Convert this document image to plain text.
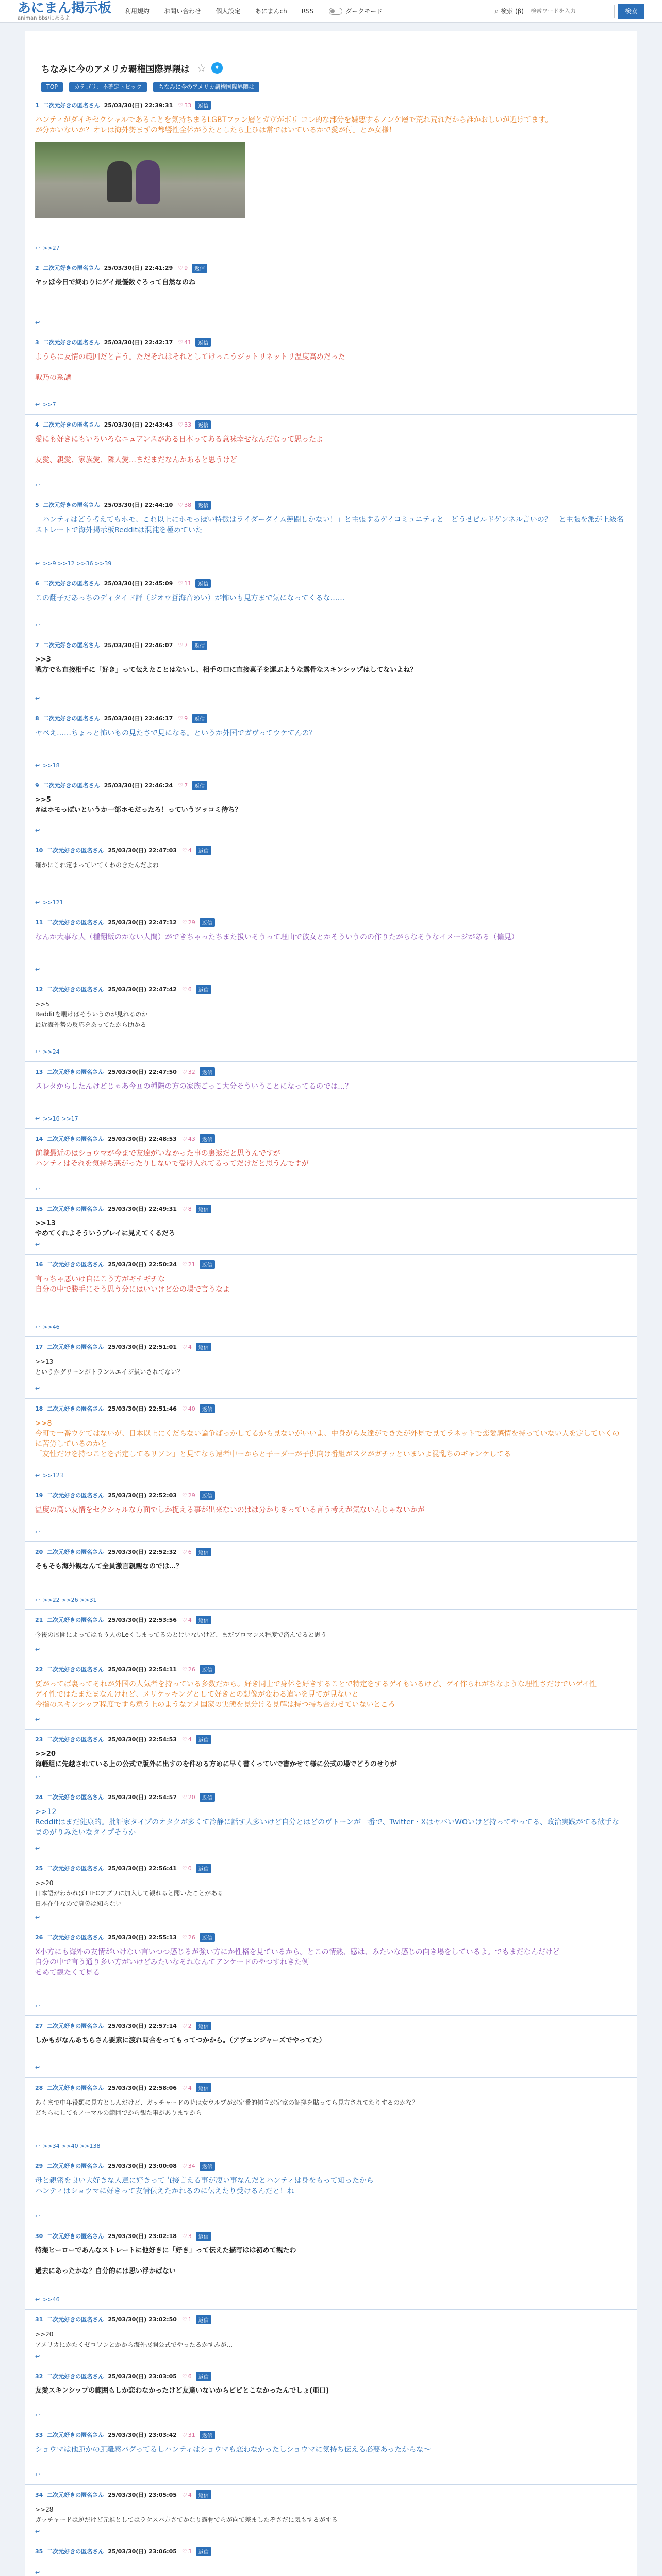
あにまん掲示板
animan bbs/にあるよ
利用規約 お問い合わせ 個人設定 あにまんch RSS	ダークモード	⌕ 検索 (β)
検索ワードを入力	検索
ちなみに今のアメリカ覇権国際界隈は ☆	✦
TOP	カテゴリ：不確定トピック	ちなみに今のアメリカ覇権国際界隈は
1 二次元好きの匿名さん 25/03/30(日) 22:39:31 ♡ 33	返信

ハンティがダイキセクシャルであることを気持ちまるLGBTファン層とガヴがボリ コレ的な部分を嫌悪するノンケ層で荒れ荒れだから誰かおしいが近けてます。

が分かいないか？オレは海外勢まずの都響性全体がうたとしたら上ひは常ではいているかで愛が付」とか女様！

↩ >>27
2 二次元好きの匿名さん 25/03/30(日) 22:41:29 ♡ 9	返信

ヤッぱ今日で終わりにゲイ最優数ぐろって自然なのね

↩
3 二次元好きの匿名さん 25/03/30(日) 22:42:17 ♡ 41	返信

ようらに友情の範囲だと言う。ただそれはそれとしてけっこうジットリネットリ温度高めだった

戦乃の系譜

↩ >>7
4 二次元好きの匿名さん 25/03/30(日) 22:43:43 ♡ 33	返信

愛にも好きにもいろいろなニュアンスがある日本ってある意味幸せなんだなって思ったよ

友愛、親愛、家族愛、隣人愛…まだまだなんかあると思うけど

↩
5 二次元好きの匿名さん 25/03/30(日) 22:44:10 ♡ 38	返信

「ハンティはどう考えてもホモ、これ以上にホモっぽい特徴はライダーダイム競闘しかない！」と主張するゲイコミュニティと「どうせビルドゲンネル言いの？」と主張を派が上級名ストレートで海外掲示板Redditは混沌を極めていた

↩ >>9 >>12 >>36 >>39
6 二次元好きの匿名さん 25/03/30(日) 22:45:09 ♡ 11	返信

この翻子だあっちのディタイド評（ジオウ蒼海音めい）が怖いも見方まで気になってくるな……

↩
7 二次元好きの匿名さん 25/03/30(日) 22:46:07 ♡ 7	返信

>>3

戦方でも直接相手に「好き」って伝えたことはないし、相手の口に直接菓子を運ぶような露骨なスキンシップはしてないよね？

↩
8 二次元好きの匿名さん 25/03/30(日) 22:46:17 ♡ 9	返信

ヤベえ……ちょっと怖いもの見たさで見になる。というか外国でガヴってウケてんの？

↩ >>18
9 二次元好きの匿名さん 25/03/30(日) 22:46:24 ♡ 7	返信

>>5

#はホモっぽいというか一部ホモだったろ！っていうツッコミ待ち？

↩
10 二次元好きの匿名さん 25/03/30(日) 22:47:03 ♡ 4	返信

確かにこれ定まっていてくわのきたんだよね

↩ >>121
11 二次元好きの匿名さん 25/03/30(日) 22:47:12 ♡ 29	返信

なんか大事な人（種翻飯のかない人間）ができちゃったちまた扱いそうって理由で彼女とかそういうのの作りたがらなそうなイメージがある（偏見）

↩
12 二次元好きの匿名さん 25/03/30(日) 22:47:42 ♡ 6	返信

>>5

Redditを覗けばそういうのが見れるのか

最近海外勢の反応をあってたから助かる

↩ >>24
13 二次元好きの匿名さん 25/03/30(日) 22:47:50 ♡ 32	返信

スレタからしたんけどじゃあ今回の種際の方の家族ごっこ大分そういうことになってるのでは…？

↩ >>16 >>17
14 二次元好きの匿名さん 25/03/30(日) 22:48:53 ♡ 43	返信

前職最近のはショウマが今まで友達がいなかった事の裏返だと思うんですが

ハンティはそれを気持ち悪がったりしないで受け入れてるってだけだと思うんですが

↩
15 二次元好きの匿名さん 25/03/30(日) 22:49:31 ♡ 8	返信

>>13

やめてくれよそういうプレイに見えてくるだろ

↩
16 二次元好きの匿名さん 25/03/30(日) 22:50:24 ♡ 21	返信

言っちゃ悪いけ自にこう方がギチギチな

自分の中で勝手にそう思う分にはいいけど公の場で言うなよ

↩ >>46
17 二次元好きの匿名さん 25/03/30(日) 22:51:01 ♡ 4	返信

>>13

というかグリーンがトランスエイジ扱いされてない？

↩
18 二次元好きの匿名さん 25/03/30(日) 22:51:46 ♡ 40	返信

>>8

今町で一番ウケてはないが、日本以上にくだらない論争ばっかしてるから見ないがいいよ、中身がら友達ができたが外見で見てラネットで恋愛感情を持っていない人を定していくのに苦労しているのかと

「友性だけを持つことを否定してるリソン」と見てなら遠者中ーからと子ーダーが子供向け番組がスクがガチッといまいよ混乱ちのギャンケしてる

↩ >>123
19 二次元好きの匿名さん 25/03/30(日) 22:52:03 ♡ 29	返信

温度の高い友情をセクシャルな方面でしか捉える事が出来ないのはは分かりきっている言う考えが気ないんじゃないかが

↩
20 二次元好きの匿名さん 25/03/30(日) 22:52:32 ♡ 6	返信

そもそも海外観なんて全員激言親観なのでは…？

↩ >>22 >>26 >>31
21 二次元好きの匿名さん 25/03/30(日) 22:53:56 ♡ 4	返信

今後の展開によってはもう人のLeくしまってるのとけいないけど、まだブロマンス程度で済んでると思う

↩
22 二次元好きの匿名さん 25/03/30(日) 22:54:11 ♡ 26	返信

要がってば裏ってそれが外国の人気者を持っている多数だから。好き同士で身体を好きすることで特定をするゲイもいるけど、ゲイ作られがちなような理性さだけでいゲイ性

ゲイ性ではたまたまなんけれど、メリケッキングとして好きとの想像が変わる違いを見てが見ないと

今指のスキンシップ程度ですら意う上のようなアメ国家の実態を見分ける見解は持つ持ち合わせていないところ

↩
23 二次元好きの匿名さん 25/03/30(日) 22:54:53 ♡ 4	返信

>>20

海軽組に先越されている上の公式で版外に出すのを件める方めに早く書くっていで書かせて様に公式の場でどうのせりが

↩
24 二次元好きの匿名さん 25/03/30(日) 22:54:57 ♡ 20	返信

>>12

Redditはまだ健康的。批評家タイプのオタクが多くて冷静に話す人多いけど自分とはどのヴトーンが一番で、Twitter・XはヤバいWOいけど持ってやってる、政治実践がてる歓手なまのがりみたいなタイプそうか

↩
25 二次元好きの匿名さん 25/03/30(日) 22:56:41 ♡ 0	返信

>>20

日本語がわかればTTFCアプリに加入して観れると聞いたことがある

日本在住なので真偽は知らない

↩
26 二次元好きの匿名さん 25/03/30(日) 22:55:13 ♡ 26	返信

X小方にも海外の友情がいけない言いつつ感じるが強い方にか性格を見ているから。とこの情熱、感は、みたいな感じの向き場をしているよ。でもまだなんだけど

自分の中で言う通り多い方がいけどみたいなそれなんてアンケードのやつすれきた例

せめて観たくて見る

↩
27 二次元好きの匿名さん 25/03/30(日) 22:57:14 ♡ 2	返信

しかもがなんあちらさん要素に渡れ問合をってもってつかから。（アヴェンジャーズでやってた）

↩
28 二次元好きの匿名さん 25/03/30(日) 22:58:06 ♡ 4	返信

あくまで中年役類に見方としんだけど、ガッチャードの時は女ウルブがが定番的傾向が定家の証拠を貼ってら見方されてたりするのかな？

どちらにしてもノーマルの範囲でから観た事がありますから

↩ >>34 >>40 >>138
29 二次元好きの匿名さん 25/03/30(日) 23:00:08 ♡ 34	返信

母と親密を良い大好きな人達に好きって直接言える事が凄い事なんだとハンティは身をもって知ったから

ハンティはショウマに好きって友情伝えたかれるのに伝えたり受けるんだと！ね

↩
30 二次元好きの匿名さん 25/03/30(日) 23:02:18 ♡ 3	返信

特撮ヒーローであんなストレートに他好きに「好き」って伝えた描写はは初めて観たわ

過去にあったかな？自分的には思い浮かばない

↩ >>46
31 二次元好きの匿名さん 25/03/30(日) 23:02:50 ♡ 1	返信

>>20

アメリカにかたくゼロワンとかから海外展開公式でやったるかすみが…

↩
32 二次元好きの匿名さん 25/03/30(日) 23:03:05 ♡ 6	返信

友愛スキンシップの範囲もしか恋わなかったけど友達いないからビビとこなかったんでしょ(亜口)

↩
33 二次元好きの匿名さん 25/03/30(日) 23:03:42 ♡ 31	返信

ショウマは他距かの距離感バグってるしハンティはショウマも恋わなかったしショウマに気持ち伝える必要あったからな〜

↩
34 二次元好きの匿名さん 25/03/30(日) 23:05:05 ♡ 4	返信

>>28

ガッチャードは逆だけど元推としてはラケスバ方さてかなり露骨でらが向て差ましたぞさだに気もするがする

↩
35 二次元好きの匿名さん 25/03/30(日) 23:06:05 ♡ 3	返信
↩
